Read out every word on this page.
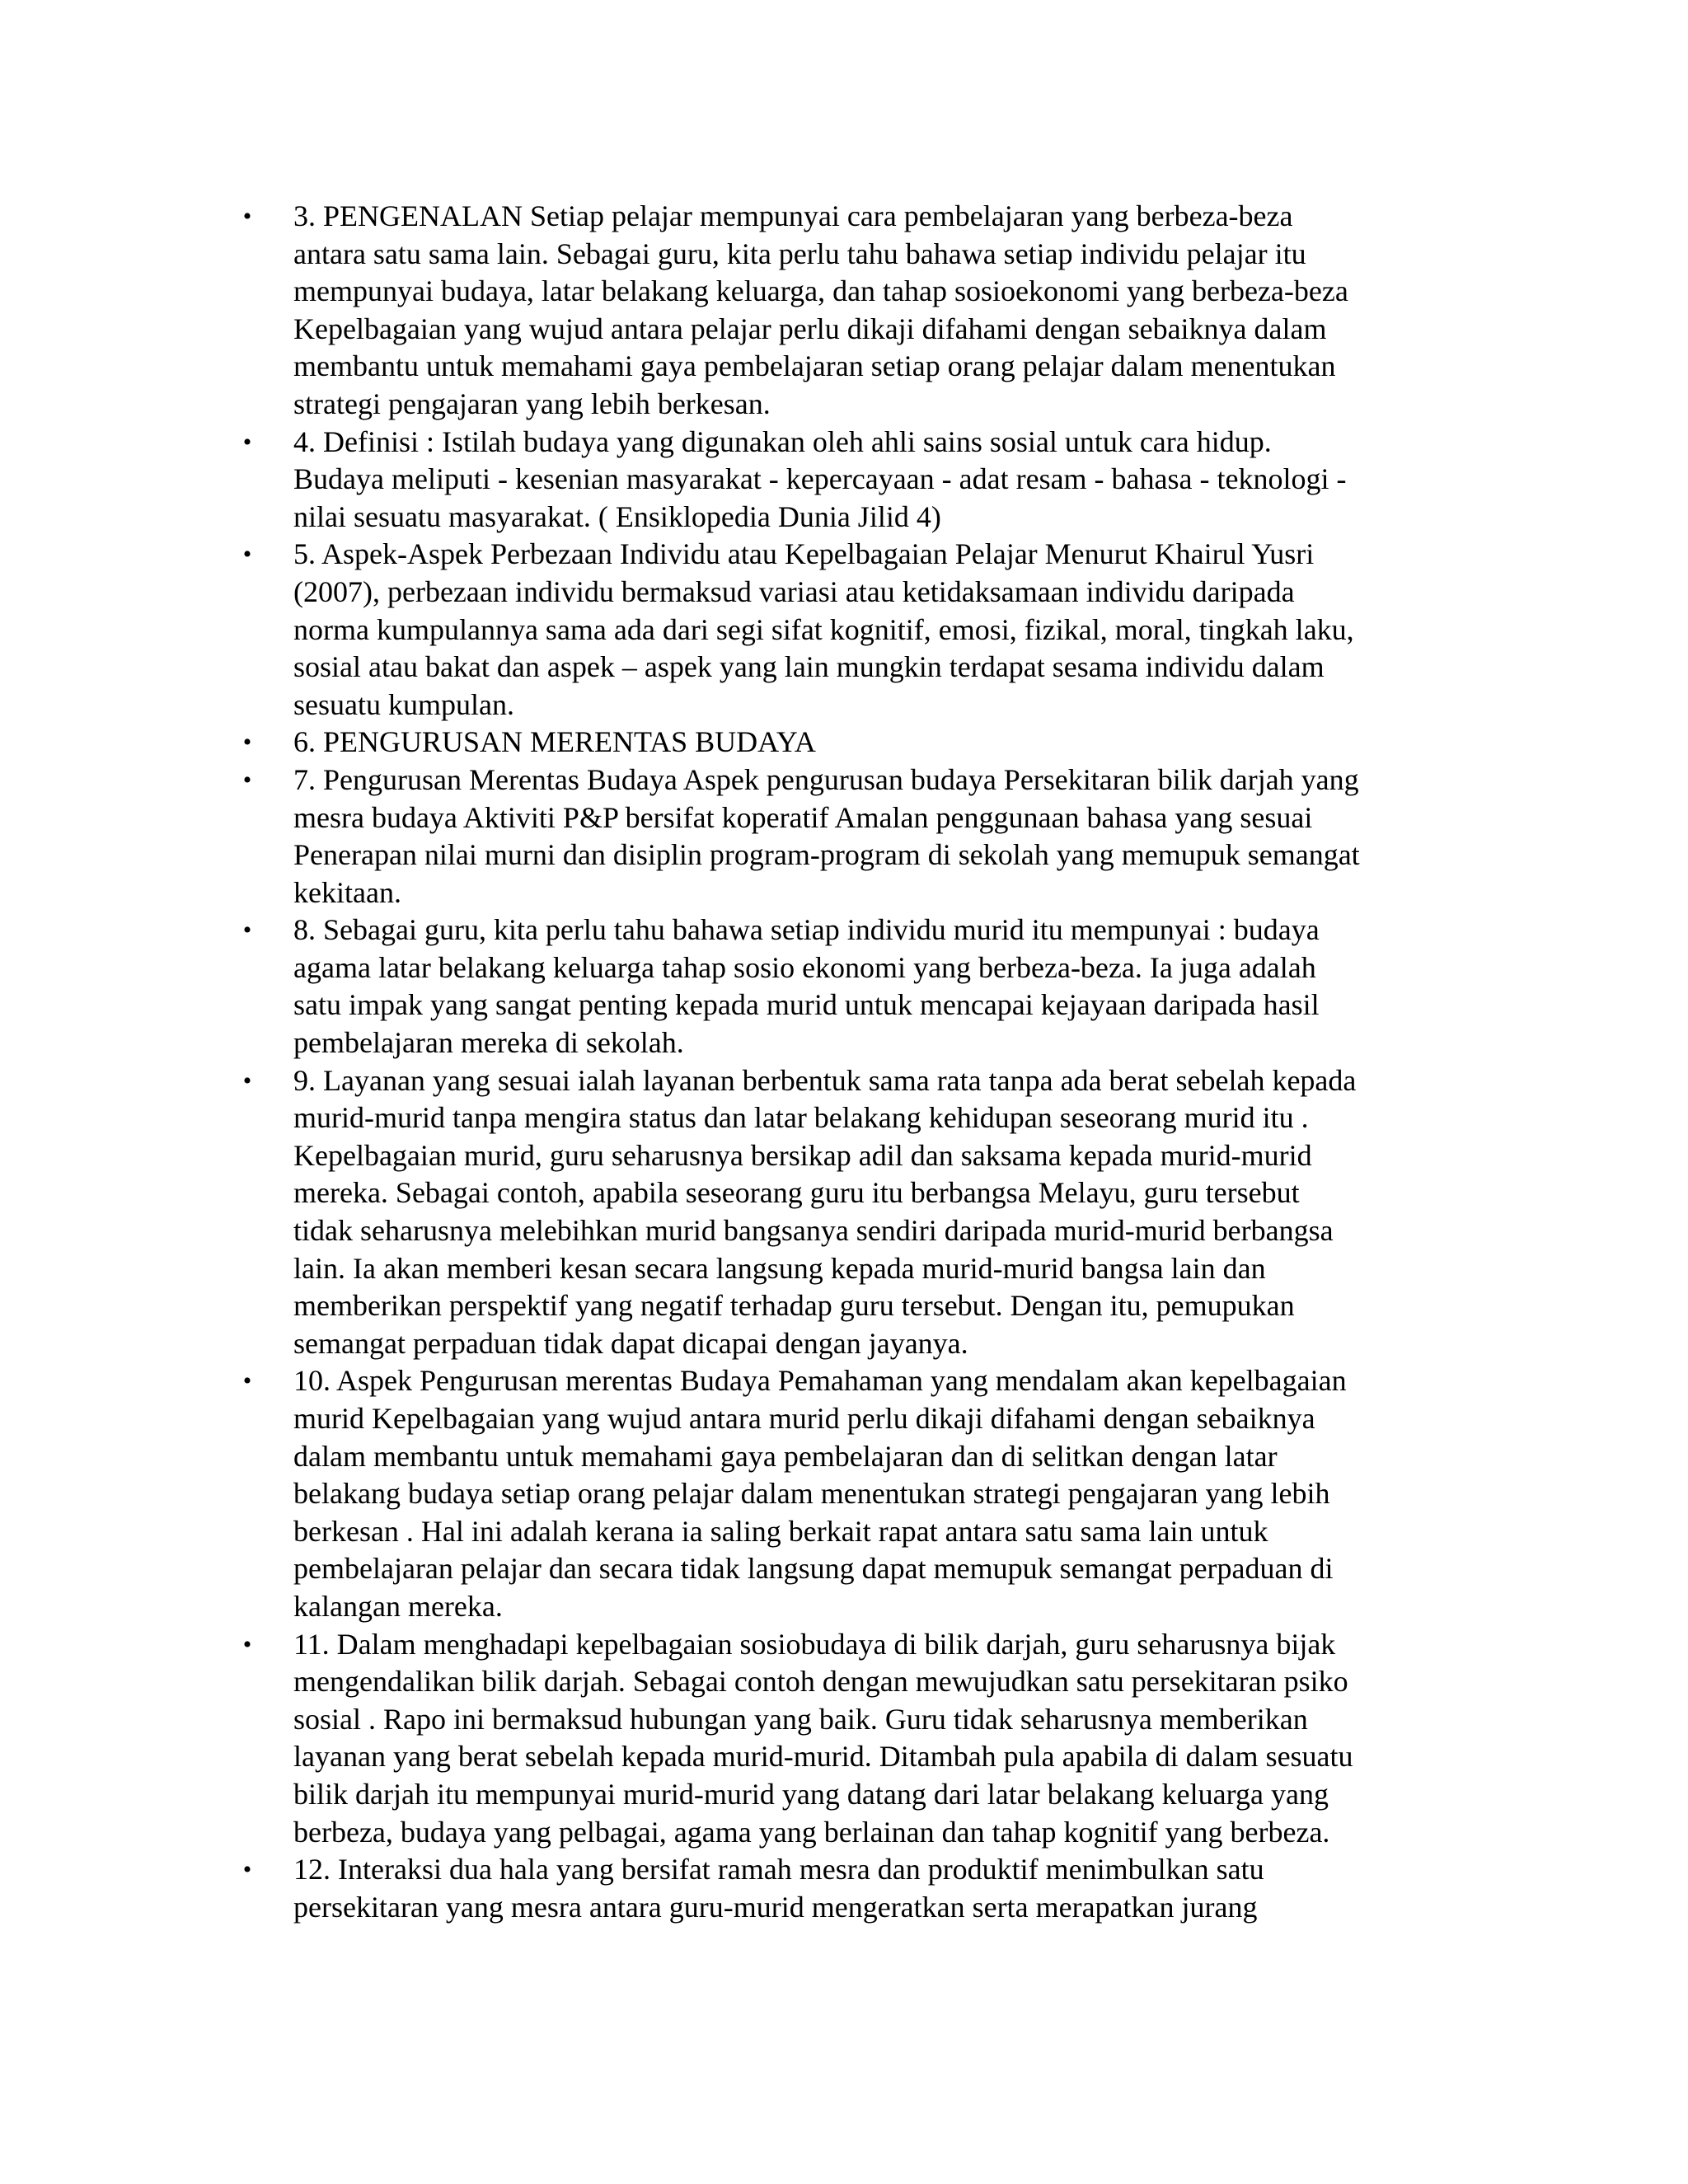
• 3. PENGENALAN Setiap pelajar mempunyai cara pembelajaran yang berbeza-beza
antara satu sama lain. Sebagai guru, kita perlu tahu bahawa setiap individu pelajar itu
mempunyai budaya, latar belakang keluarga, dan tahap sosioekonomi yang berbeza-beza
Kepelbagaian yang wujud antara pelajar perlu dikaji difahami dengan sebaiknya dalam
membantu untuk memahami gaya pembelajaran setiap orang pelajar dalam menentukan
strategi pengajaran yang lebih berkesan.
• 4. Definisi : Istilah budaya yang digunakan oleh ahli sains sosial untuk cara hidup.
Budaya meliputi - kesenian masyarakat - kepercayaan - adat resam - bahasa - teknologi -
nilai sesuatu masyarakat. ( Ensiklopedia Dunia Jilid 4)
• 5. Aspek-Aspek Perbezaan Individu atau Kepelbagaian Pelajar Menurut Khairul Yusri
(2007), perbezaan individu bermaksud variasi atau ketidaksamaan individu daripada
norma kumpulannya sama ada dari segi sifat kognitif, emosi, fizikal, moral, tingkah laku,
sosial atau bakat dan aspek – aspek yang lain mungkin terdapat sesama individu dalam
sesuatu kumpulan.
• 6. PENGURUSAN MERENTAS BUDAYA
• 7. Pengurusan Merentas Budaya Aspek pengurusan budaya Persekitaran bilik darjah yang
mesra budaya Aktiviti P&P bersifat koperatif Amalan penggunaan bahasa yang sesuai
Penerapan nilai murni dan disiplin program-program di sekolah yang memupuk semangat
kekitaan.
• 8. Sebagai guru, kita perlu tahu bahawa setiap individu murid itu mempunyai : budaya
agama latar belakang keluarga tahap sosio ekonomi yang berbeza-beza. Ia juga adalah
satu impak yang sangat penting kepada murid untuk mencapai kejayaan daripada hasil
pembelajaran mereka di sekolah.
• 9. Layanan yang sesuai ialah layanan berbentuk sama rata tanpa ada berat sebelah kepada
murid-murid tanpa mengira status dan latar belakang kehidupan seseorang murid itu .
Kepelbagaian murid, guru seharusnya bersikap adil dan saksama kepada murid-murid
mereka. Sebagai contoh, apabila seseorang guru itu berbangsa Melayu, guru tersebut
tidak seharusnya melebihkan murid bangsanya sendiri daripada murid-murid berbangsa
lain. Ia akan memberi kesan secara langsung kepada murid-murid bangsa lain dan
memberikan perspektif yang negatif terhadap guru tersebut. Dengan itu, pemupukan
semangat perpaduan tidak dapat dicapai dengan jayanya.
• 10. Aspek Pengurusan merentas Budaya Pemahaman yang mendalam akan kepelbagaian
murid Kepelbagaian yang wujud antara murid perlu dikaji difahami dengan sebaiknya
dalam membantu untuk memahami gaya pembelajaran dan di selitkan dengan latar
belakang budaya setiap orang pelajar dalam menentukan strategi pengajaran yang lebih
berkesan . Hal ini adalah kerana ia saling berkait rapat antara satu sama lain untuk
pembelajaran pelajar dan secara tidak langsung dapat memupuk semangat perpaduan di
kalangan mereka.
• 11. Dalam menghadapi kepelbagaian sosiobudaya di bilik darjah, guru seharusnya bijak
mengendalikan bilik darjah. Sebagai contoh dengan mewujudkan satu persekitaran psiko
sosial . Rapo ini bermaksud hubungan yang baik. Guru tidak seharusnya memberikan
layanan yang berat sebelah kepada murid-murid. Ditambah pula apabila di dalam sesuatu
bilik darjah itu mempunyai murid-murid yang datang dari latar belakang keluarga yang
berbeza, budaya yang pelbagai, agama yang berlainan dan tahap kognitif yang berbeza.
• 12. Interaksi dua hala yang bersifat ramah mesra dan produktif menimbulkan satu
persekitaran yang mesra antara guru-murid mengeratkan serta merapatkan jurang
